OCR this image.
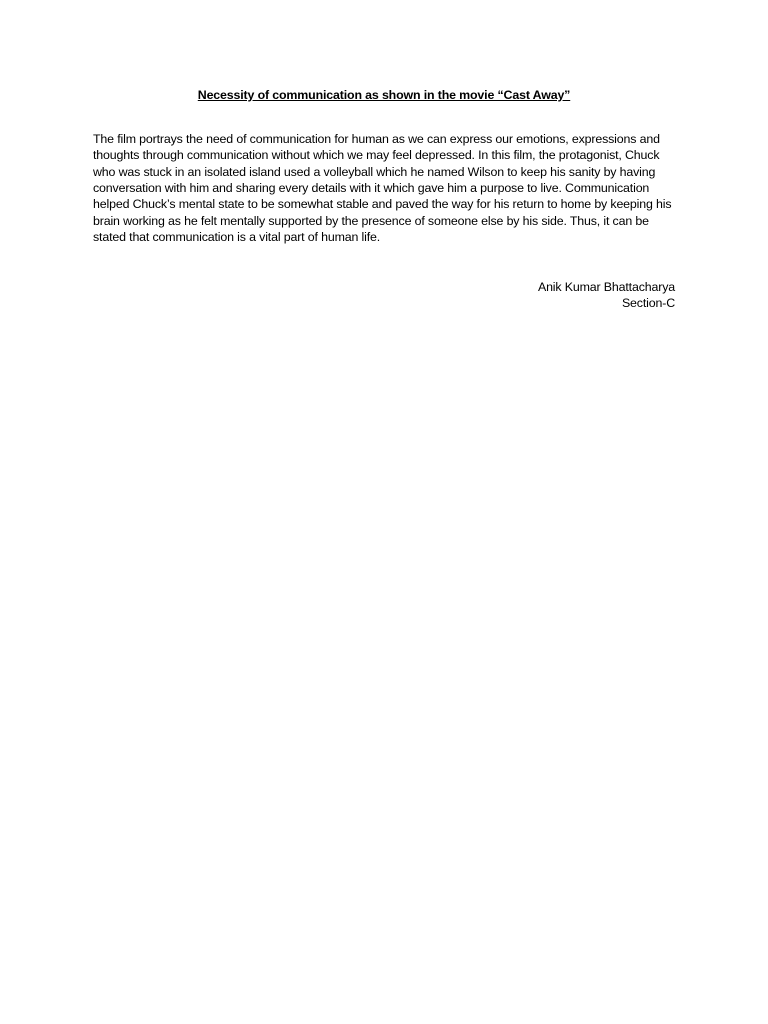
Necessity of communication as shown in the movie “Cast Away”

The film portrays the need of communication for human as we can express our emotions, expressions and thoughts through communication without which we may feel depressed. In this film, the protagonist, Chuck who was stuck in an isolated island used a volleyball which he named Wilson to keep his sanity by having conversation with him and sharing every details with it which gave him a purpose to live. Communication helped Chuck’s mental state to be somewhat stable and paved the way for his return to home by keeping his brain working as he felt mentally supported by the presence of someone else by his side. Thus, it can be stated that communication is a vital part of human life.

Anik Kumar Bhattacharya
Section-C
